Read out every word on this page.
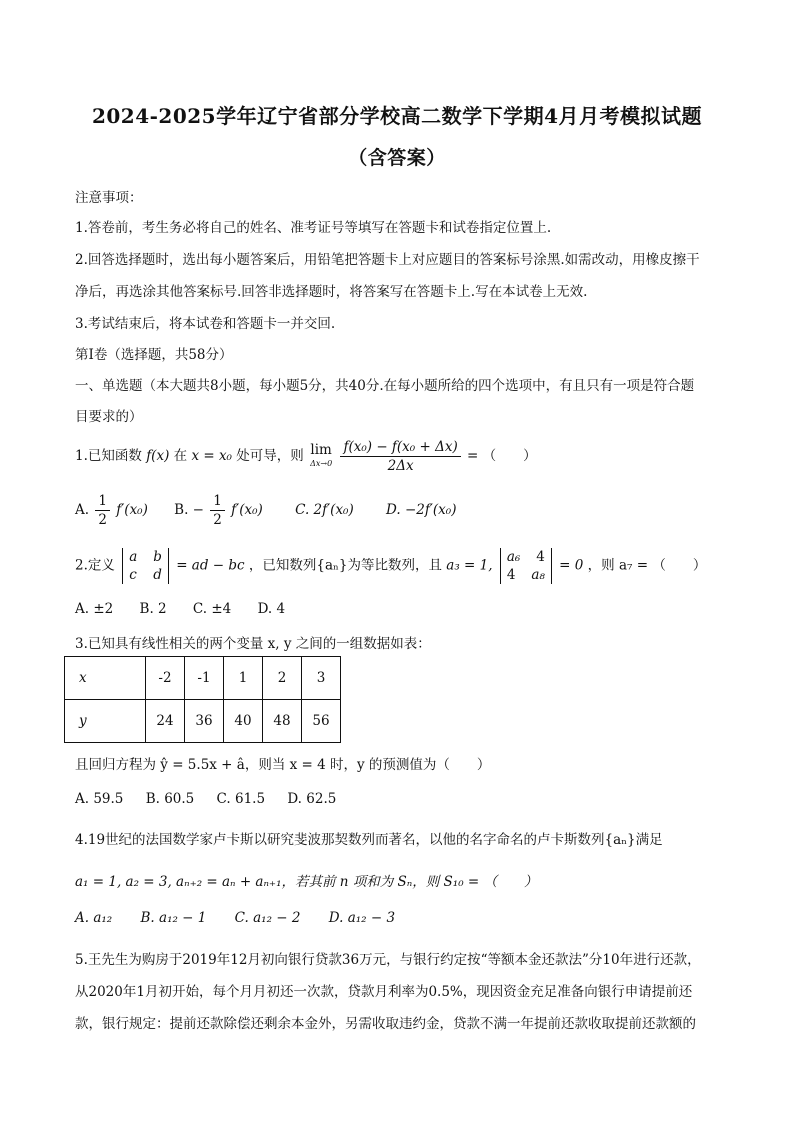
2024-2025学年辽宁省部分学校高二数学下学期4月月考模拟试题
（含答案）
注意事项：
1.答卷前，考生务必将自己的姓名、准考证号等填写在答题卡和试卷指定位置上.
2.回答选择题时，选出每小题答案后，用铅笔把答题卡上对应题目的答案标号涂黑.如需改动，用橡皮擦干
净后，再选涂其他答案标号.回答非选择题时，将答案写在答题卡上.写在本试卷上无效.
3.考试结束后，将本试卷和答题卡一并交回.
第I卷（选择题，共58分）
一、单选题（本大题共8小题，每小题5分，共40分.在每小题所给的四个选项中，有且只有一项是符合题
目要求的）
1.已知函数 f(x) 在 x = x₀ 处可导，则 lim
Δx→0
$\frac{\text{f(x₀) − f(x₀ + Δx)}}{2\Delta x}$ = （　　）
A. $\frac{1}{2} f'(x_0) B$. − $\frac{1}{2} f'(x_0)$ C. 2f′(x₀) D. −2f′(x₀)
2.定义
a b
c d
= ad − bc ，已知数列{aₙ}为等比数列，且 a₃ = 1,
a₆ 4
4 a₈
= 0 ，则 a₇ = （　　）
A. ±2 B. 2 C. ±4 D. 4
3.已知具有线性相关的两个变量 x, y 之间的一组数据如表：
x	-2	-1	1	2	3
y	24	36	40	48	56
且回归方程为 ŷ = 5.5x + â，则当 x = 4 时，y 的预测值为（　　）
A. 59.5 B. 60.5 C. 61.5 D. 62.5
4.19世纪的法国数学家卢卡斯以研究斐波那契数列而著名，以他的名字命名的卢卡斯数列{aₙ}满足
a₁ = 1, a₂ = 3, aₙ₊₂ = aₙ + aₙ₊₁，若其前 n 项和为 Sₙ，则 S₁₀ = （　　）
A. a₁₂ B. a₁₂ − 1 C. a₁₂ − 2 D. a₁₂ − 3
5.王先生为购房于2019年12月初向银行贷款36万元，与银行约定按“等额本金还款法”分10年进行还款，
从2020年1月初开始，每个月月初还一次款，贷款月利率为0.5%，现因资金充足准备向银行申请提前还
款，银行规定：提前还款除偿还剩余本金外，另需收取违约金，贷款不满一年提前还款收取提前还款额的
